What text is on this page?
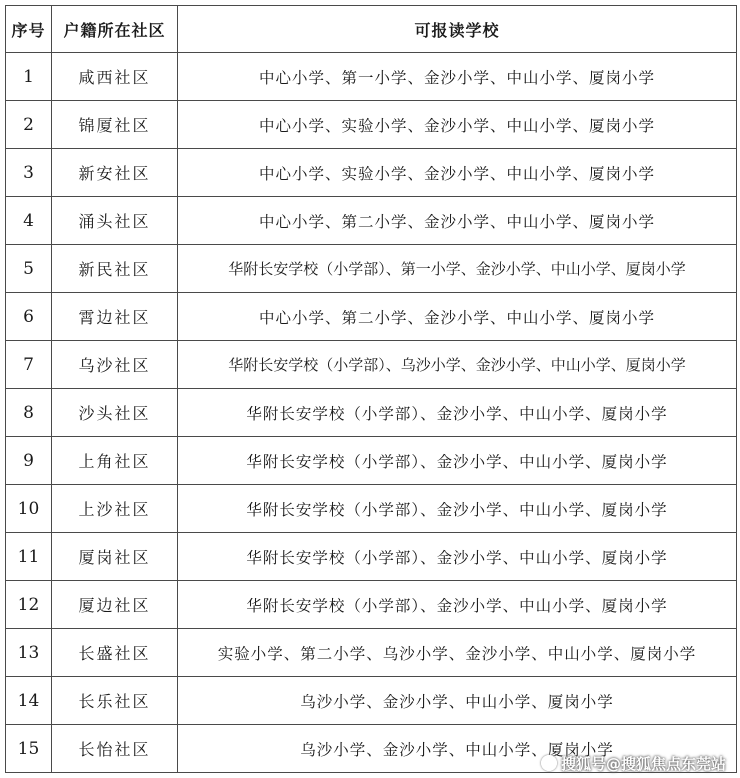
序号	户籍所在社区	可报读学校
1	咸西社区	中心小学、第一小学、金沙小学、中山小学、厦岗小学
2	锦厦社区	中心小学、实验小学、金沙小学、中山小学、厦岗小学
3	新安社区	中心小学、实验小学、金沙小学、中山小学、厦岗小学
4	涌头社区	中心小学、第二小学、金沙小学、中山小学、厦岗小学
5	新民社区	华附长安学校（小学部）、第一小学、金沙小学、中山小学、厦岗小学
6	霄边社区	中心小学、第二小学、金沙小学、中山小学、厦岗小学
7	乌沙社区	华附长安学校（小学部）、乌沙小学、金沙小学、中山小学、厦岗小学
8	沙头社区	华附长安学校（小学部）、金沙小学、中山小学、厦岗小学
9	上角社区	华附长安学校（小学部）、金沙小学、中山小学、厦岗小学
10	上沙社区	华附长安学校（小学部）、金沙小学、中山小学、厦岗小学
11	厦岗社区	华附长安学校（小学部）、金沙小学、中山小学、厦岗小学
12	厦边社区	华附长安学校（小学部）、金沙小学、中山小学、厦岗小学
13	长盛社区	实验小学、第二小学、乌沙小学、金沙小学、中山小学、厦岗小学
14	长乐社区	乌沙小学、金沙小学、中山小学、厦岗小学
15	长怡社区	乌沙小学、金沙小学、中山小学、厦岗小学
搜狐号@搜狐焦点东莞站
